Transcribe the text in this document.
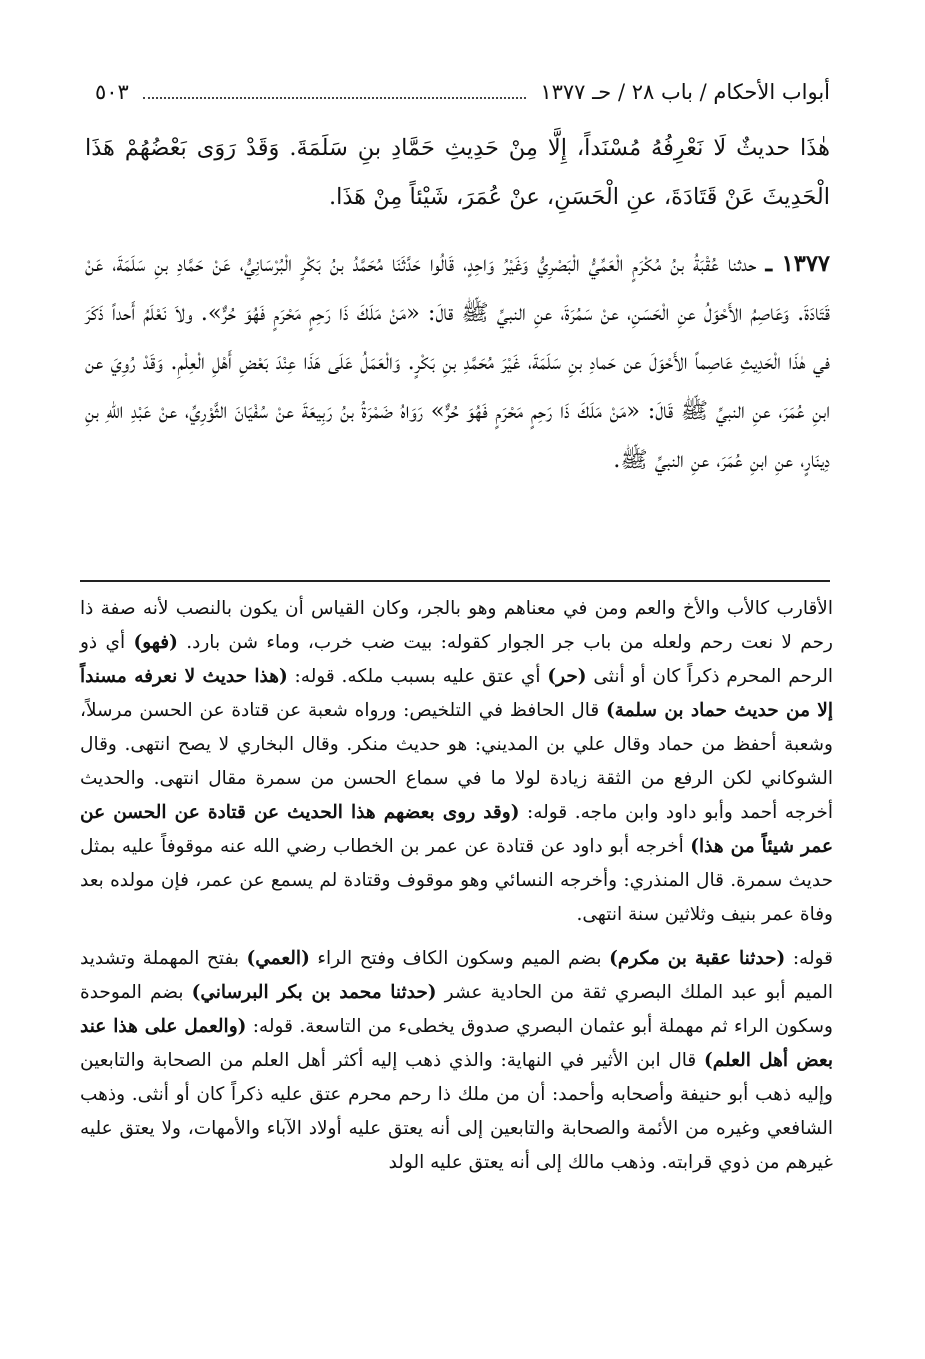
أبواب الأحكام / باب ٢٨ / حـ ١٣٧٧
٥٠٣

هٰذَا حديثٌ لَا نَعْرِفُهُ مُسْنَداً، إِلَّا مِنْ حَدِيثِ حَمَّادِ بنِ سَلَمَةَ. وَقَدْ رَوَى بَعْضُهُمْ هَذَا الْحَدِيثَ عَنْ قَتَادَةَ، عنِ الْحَسَنِ، عنْ عُمَرَ، شَيْئاً مِنْ هَذَا.

١٣٧٧ ـ حدثنا عُقْبَةُ بنُ مُكْرَمٍ الْعَمِّيُّ الْبَصْرِيُّ وَغَيْرُ وَاحِدٍ، قَالُوا حَدَّثَنَا مُحَمَّدُ بنُ بَكْرٍ الْبُرْسَانِيُّ، عَنْ حَمَّادِ بنِ سَلَمَةَ، عَنْ قَتَادَةَ. وَعَاصِمُ الأَحْوَلُ عنِ الْحَسَنِ، عنْ سَمُرَةَ، عنِ النبيِّ ﷺ قالَ: «مَنْ مَلَكَ ذَا رَحِمٍ مَحْرَمٍ فَهُوَ حُرٌّ». ولاَ نَعْلَمُ أَحداً ذَكَرَ في هٰذَا الْحَدِيثِ عَاصِماً الأَحْوَلَ عن حَمادِ بنِ سَلَمَةَ، غَيْرَ مُحَمَّدِ بنِ بَكْرٍ. وَالْعَمَلُ عَلَى هَذَا عِنْدَ بَعْضِ أَهْلِ الْعِلْمِ. وَقَدْ رُوِيَ عن ابنِ عُمَرَ، عنِ النبيِّ ﷺ قَالَ: «مَنْ مَلَكَ ذَا رَحِمٍ مَحْرَمٍ فَهُوَ حُرٌّ» رَوَاهُ ضَمْرَةُ بنُ رَبِيعَةَ عنْ سُفْيَانَ الثَّوْرِيِّ، عنْ عَبْدِ اللهِ بنِ دِينَارٍ، عنِ ابنِ عُمَرَ، عنِ النبيِّ ﷺ.

الأقارب كالأب والأخ والعم ومن في معناهم وهو بالجر، وكان القياس أن يكون بالنصب لأنه صفة ذا رحم لا نعت رحم ولعله من باب جر الجوار كقوله: بيت ضب خرب، وماء شن بارد. (فهو) أي ذو الرحم المحرم ذكراً كان أو أنثى (حر) أي عتق عليه بسبب ملكه. قوله: (هذا حديث لا نعرفه مسنداً إلا من حديث حماد بن سلمة) قال الحافظ في التلخيص: ورواه شعبة عن قتادة عن الحسن مرسلاً، وشعبة أحفظ من حماد وقال علي بن المديني: هو حديث منكر. وقال البخاري لا يصح انتهى. وقال الشوكاني لكن الرفع من الثقة زيادة لولا ما في سماع الحسن من سمرة مقال انتهى. والحديث أخرجه أحمد وأبو داود وابن ماجه. قوله: (وقد روى بعضهم هذا الحديث عن قتادة عن الحسن عن عمر شيئاً من هذا) أخرجه أبو داود عن قتادة عن عمر بن الخطاب رضي الله عنه موقوفاً عليه بمثل حديث سمرة. قال المنذري: وأخرجه النسائي وهو موقوف وقتادة لم يسمع عن عمر، فإن مولده بعد وفاة عمر بنيف وثلاثين سنة انتهى.

قوله: (حدثنا عقبة بن مكرم) بضم الميم وسكون الكاف وفتح الراء (العمي) بفتح المهملة وتشديد الميم أبو عبد الملك البصري ثقة من الحادية عشر (حدثنا محمد بن بكر البرساني) بضم الموحدة وسكون الراء ثم مهملة أبو عثمان البصري صدوق يخطىء من التاسعة. قوله: (والعمل على هذا عند بعض أهل العلم) قال ابن الأثير في النهاية: والذي ذهب إليه أكثر أهل العلم من الصحابة والتابعين وإليه ذهب أبو حنيفة وأصحابه وأحمد: أن من ملك ذا رحم محرم عتق عليه ذكراً كان أو أنثى. وذهب الشافعي وغيره من الأئمة والصحابة والتابعين إلى أنه يعتق عليه أولاد الآباء والأمهات، ولا يعتق عليه غيرهم من ذوي قرابته. وذهب مالك إلى أنه يعتق عليه الولد
